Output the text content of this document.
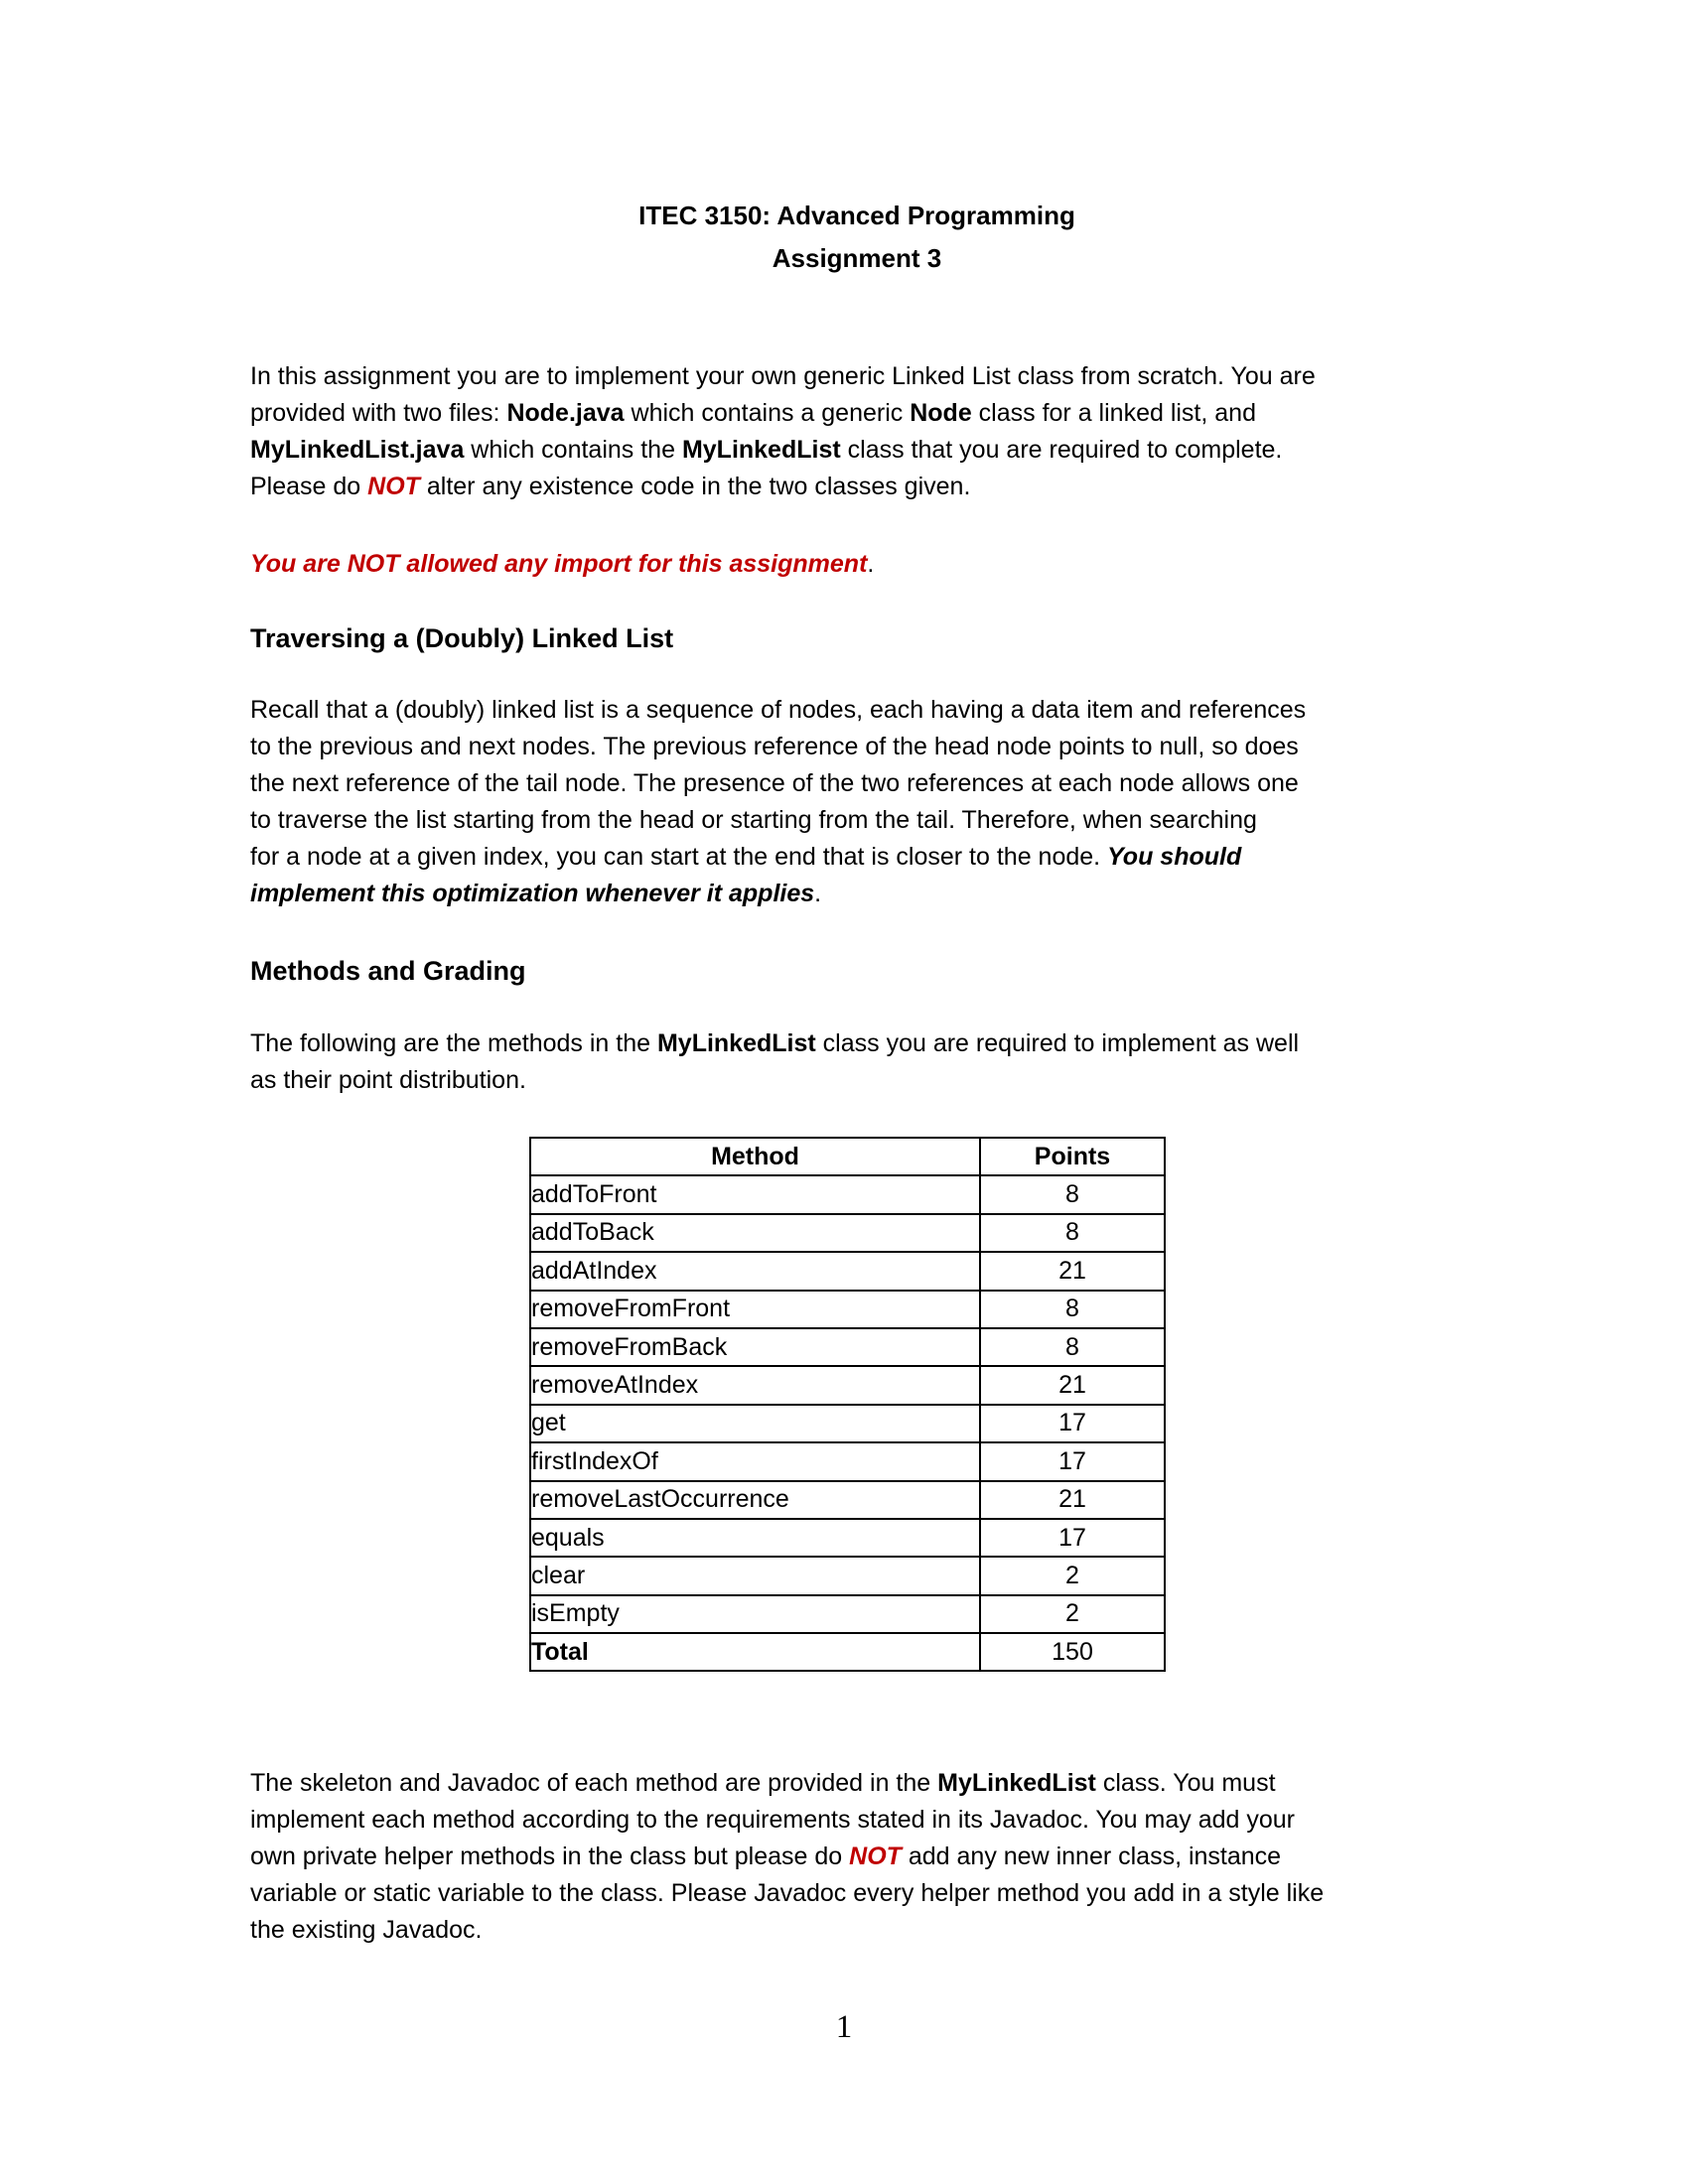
ITEC 3150: Advanced Programming
Assignment 3
In this assignment you are to implement your own generic Linked List class from scratch. You are
provided with two files: Node.java which contains a generic Node class for a linked list, and
MyLinkedList.java which contains the MyLinkedList class that you are required to complete.
Please do NOT alter any existence code in the two classes given.
You are NOT allowed any import for this assignment.
Traversing a (Doubly) Linked List
Recall that a (doubly) linked list is a sequence of nodes, each having a data item and references
to the previous and next nodes. The previous reference of the head node points to null, so does
the next reference of the tail node. The presence of the two references at each node allows one
to traverse the list starting from the head or starting from the tail. Therefore, when searching
for a node at a given index, you can start at the end that is closer to the node. You should
implement this optimization whenever it applies.
Methods and Grading
The following are the methods in the MyLinkedList class you are required to implement as well
as their point distribution.
Method	Points
addToFront	8
addToBack	8
addAtIndex	21
removeFromFront	8
removeFromBack	8
removeAtIndex	21
get	17
firstIndexOf	17
removeLastOccurrence	21
equals	17
clear	2
isEmpty	2
Total	150
The skeleton and Javadoc of each method are provided in the MyLinkedList class. You must
implement each method according to the requirements stated in its Javadoc. You may add your
own private helper methods in the class but please do NOT add any new inner class, instance
variable or static variable to the class. Please Javadoc every helper method you add in a style like
the existing Javadoc.
1
